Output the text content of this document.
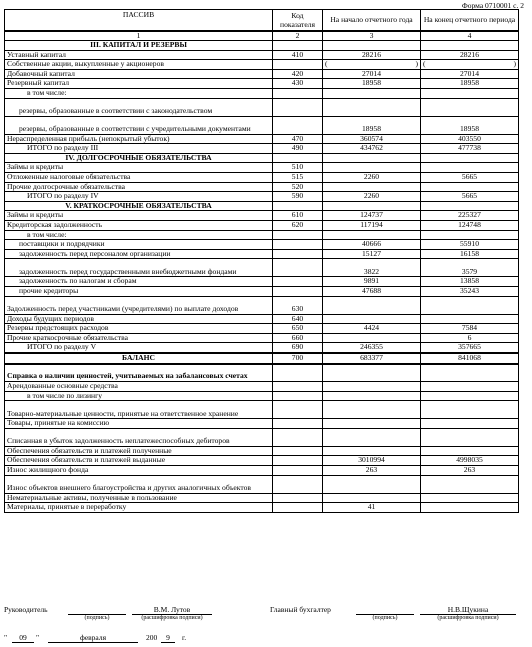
Форма 0710001 с. 2
ПАССИВ	Код показателя	На начало отчетного года	На конец отчетного периода
1	2	3	4
III. КАПИТАЛ И РЕЗЕРВЫ			
Уставный капитал	410	28216	28216
Собственные акции, выкупленные у акционеров		( )	( )

Добавочный капитал	420	27014	27014
Резервный капитал	430	18958	18958
в том числе:			
резервы, образованные в соответствии с законодательством			
резервы, образованные в соответствии с учредительными документами		18958	18958
Нераспределенная прибыль (непокрытый убыток)	470	360574	403550
ИТОГО по разделу III	490	434762	477738
IV. ДОЛГОСРОЧНЫЕ ОБЯЗАТЕЛЬСТВА			
Займы и кредиты	510		
Отложенные налоговые обязательства	515	2260	5665
Прочие долгосрочные обязательства	520		
ИТОГО по разделу IV	590	2260	5665
V. КРАТКОСРОЧНЫЕ ОБЯЗАТЕЛЬСТВА			
Займы и кредиты	610	124737	225327
Кредиторская задолженность	620	117194	124748
в том числе:			
поставщики и подрядчики		40666	55910
задолженность перед персоналом организации		15127	16158
задолженность перед государственными внебюджетными фондами		3822	3579
задолженность по налогам и сборам		9891	13858
прочие кредиторы		47688	35243
Задолженность перед участниками (учредителями) по выплате доходов	630		
Доходы будущих периодов	640		
Резервы предстоящих расходов	650	4424	7584
Прочие краткосрочные обязательства	660		6
ИТОГО по разделу V	690	246355	357665
БАЛАНС	700	683377	841068
Справка о наличии ценностей, учитываемых на забалансовых счетах			
Арендованные основные средства			
в том числе по лизингу			
Товарно-материальные ценности, принятые на ответственное хранение			
Товары, принятые на комиссию			
Списанная в убыток задолженность неплатежеспособных дебиторов			
Обеспечения обязательств и платежей полученные			
Обеспечения обязательств и платежей выданные		3010994	4998035
Износ жилищного фонда		263	263
Износ объектов внешнего благоустройства и других аналогичных объектов			
Нематериальные активы, полученные в пользование			
Материалы, принятые в переработку		41	
Руководитель
(подпись)
В.М. Лутов
(расшифровка подписи)
Главный бухгалтер
(подпись)
Н.В.Щукина
(расшифровка подписи)
"	09	"	февраля	200	9	г.
